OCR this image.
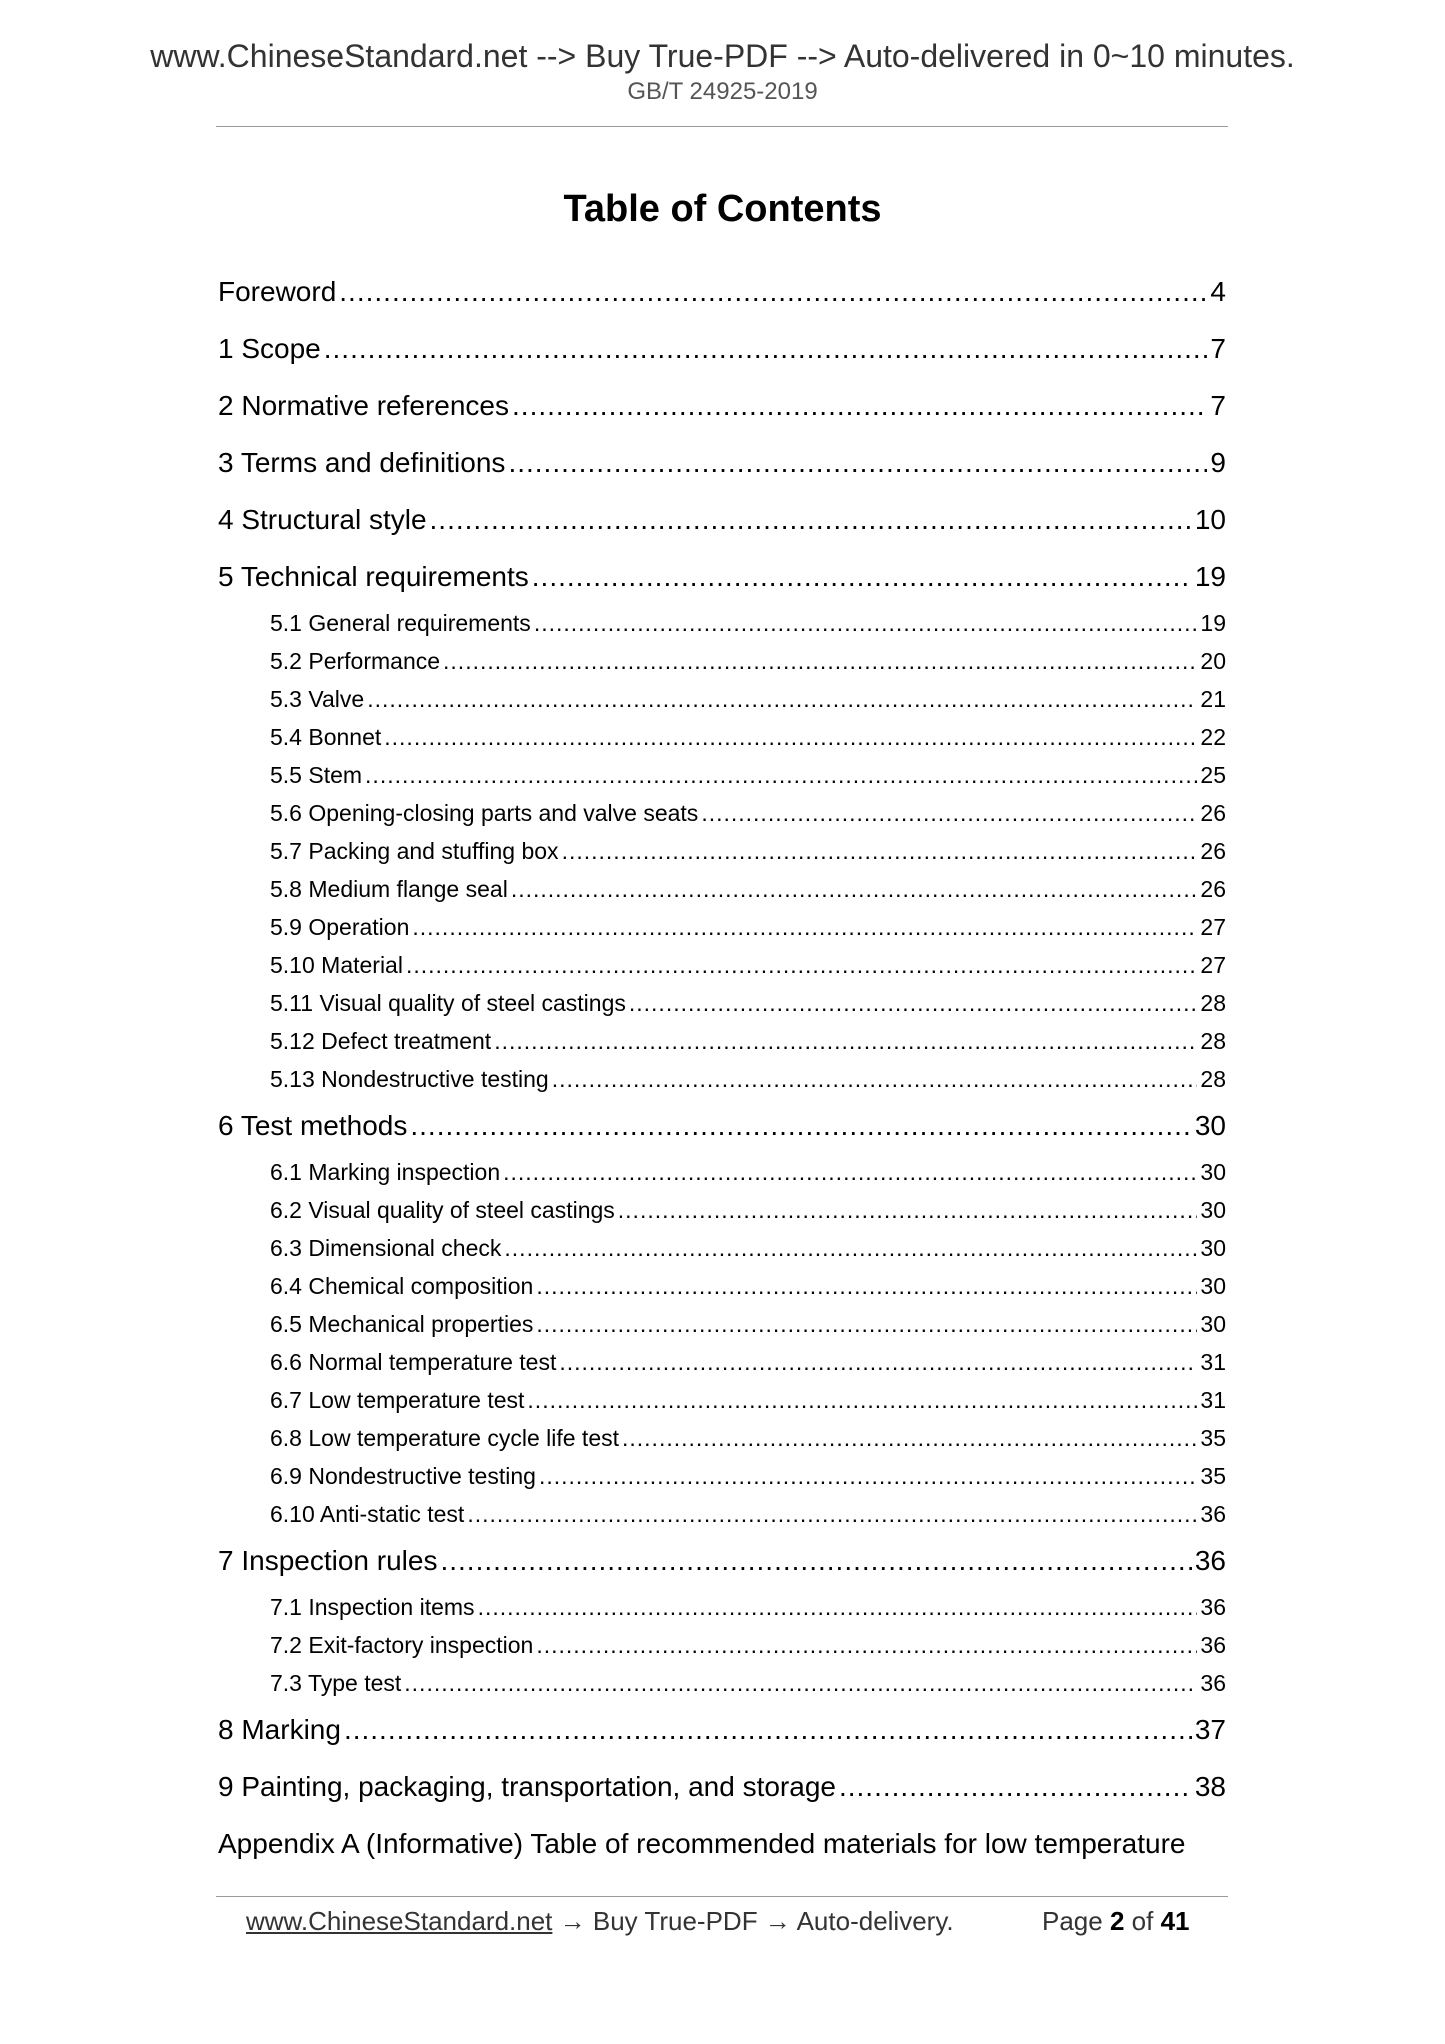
www.ChineseStandard.net --> Buy True-PDF --> Auto-delivered in 0~10 minutes.
GB/T 24925-2019
Table of Contents
Foreword .....	4
1 Scope .....	7
2 Normative references .....	7
3 Terms and definitions .....	9
4 Structural style .....	10
5 Technical requirements .....	19
5.1 General requirements .....	19
5.2 Performance .....	20
5.3 Valve .....	21
5.4 Bonnet .....	22
5.5 Stem .....	25
5.6 Opening-closing parts and valve seats .....	26
5.7 Packing and stuffing box .....	26
5.8 Medium flange seal .....	26
5.9 Operation .....	27
5.10 Material .....	27
5.11 Visual quality of steel castings .....	28
5.12 Defect treatment .....	28
5.13 Nondestructive testing .....	28
6 Test methods .....	30
6.1 Marking inspection .....	30
6.2 Visual quality of steel castings .....	30
6.3 Dimensional check .....	30
6.4 Chemical composition .....	30
6.5 Mechanical properties .....	30
6.6 Normal temperature test .....	31
6.7 Low temperature test .....	31
6.8 Low temperature cycle life test .....	35
6.9 Nondestructive testing .....	35
6.10 Anti-static test .....	36
7 Inspection rules .....	36
7.1 Inspection items .....	36
7.2 Exit-factory inspection .....	36
7.3 Type test .....	36
8 Marking .....	37
9 Painting, packaging, transportation, and storage .....	38
Appendix A (Informative) Table of recommended materials for low temperature
www.ChineseStandard.net → Buy True-PDF → Auto-delivery.	Page 2 of 41
